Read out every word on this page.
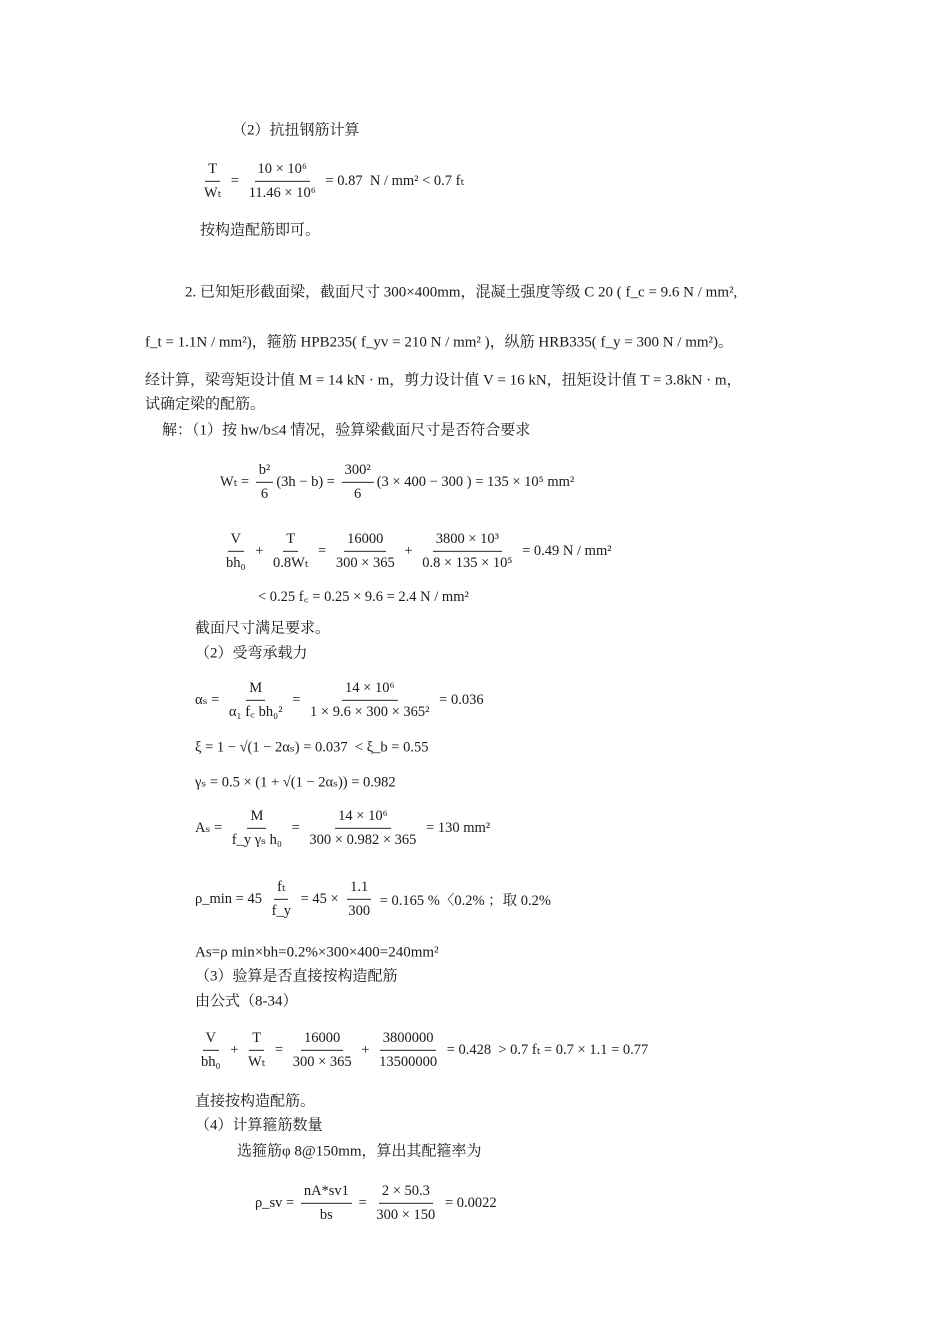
（2）抗扭钢筋计算
$\frac{T}{\text{Wₜ}} = \frac{\text{10 × 10⁶}}{\text{11.46 × 10⁶}} = 0.87$  N / mm² < 0.7 fₜ
按构造配筋即可。
2. 已知矩形截面梁，截面尺寸 300×400mm，混凝土强度等级 C 20 ( f_c = 9.6 N / mm²,
f_t = 1.1N / mm²)，箍筋 HPB235( f_yv = 210 N / mm² )，纵筋 HRB335( f_y = 300 N / mm²)。
经计算，梁弯矩设计值 M = 14 kN · m，剪力设计值 V = 16 kN，扭矩设计值 T = 3.8kN · m，
试确定梁的配筋。
解：（1）按 hw/b≤4 情况，验算梁截面尺寸是否符合要求
$W_t = \frac{\text{b²}}{6} (3h - b) = \frac{\text{300²}}{6} (3 \times 400 - 300$ ) = 135 × 10⁵ mm²
$\frac{V}{\text{bh₀}} + \frac{T}{\text{0.8Wₜ}} = \frac{16000}{300 \times 365} + \frac{\text{3800 × 10³}}{\text{0.8 × 135 × 10⁵}} = 0.49$ N / mm²
< 0.25 f꜀ = 0.25 × 9.6 = 2.4 N / mm²
截面尺寸满足要求。
（2）受弯承载力
$\alpha_s = \frac{M}{\text{α₁ f꜀ bh₀²}} = \frac{\text{14 × 10⁶}}{\text{1 × 9.6 × 300 × 365²}} = 0.036$
ξ = 1 − √(1 − 2αₛ) = 0.037  < ξ_b = 0.55
γₛ = 0.5 × (1 + √(1 − 2αₛ)) = 0.982
$A_s = \frac{M}{\text{f\_y γₛ h₀}} = \frac{\text{14 × 10⁶}}{300 \times 0.982 \times 365} = 130$ mm²
ρ_min = $45 \frac{\text{fₜ}}{f\_y} = 45 \times \frac{1.1}{300} = 0.165$ %〈0.2% ；取 0.2%
As=ρ min×bh=0.2%×300×400=240mm²
（3）验算是否直接按构造配筋
由公式（8-34）
$\frac{V}{\text{bh₀}} + \frac{T}{\text{Wₜ}} = \frac{16000}{300 \times 365} + \frac{3800000}{13500000} = 0.428 > 0.7$ fₜ = 0.7 × 1.1 = 0.77
直接按构造配筋。
（4）计算箍筋数量
选箍筋φ 8@150mm，算出其配箍率为
ρ_sv = $\frac{nA*sv1}{bs} = \frac{2 \times 50.3}{300 \times 150} = 0.0022$
